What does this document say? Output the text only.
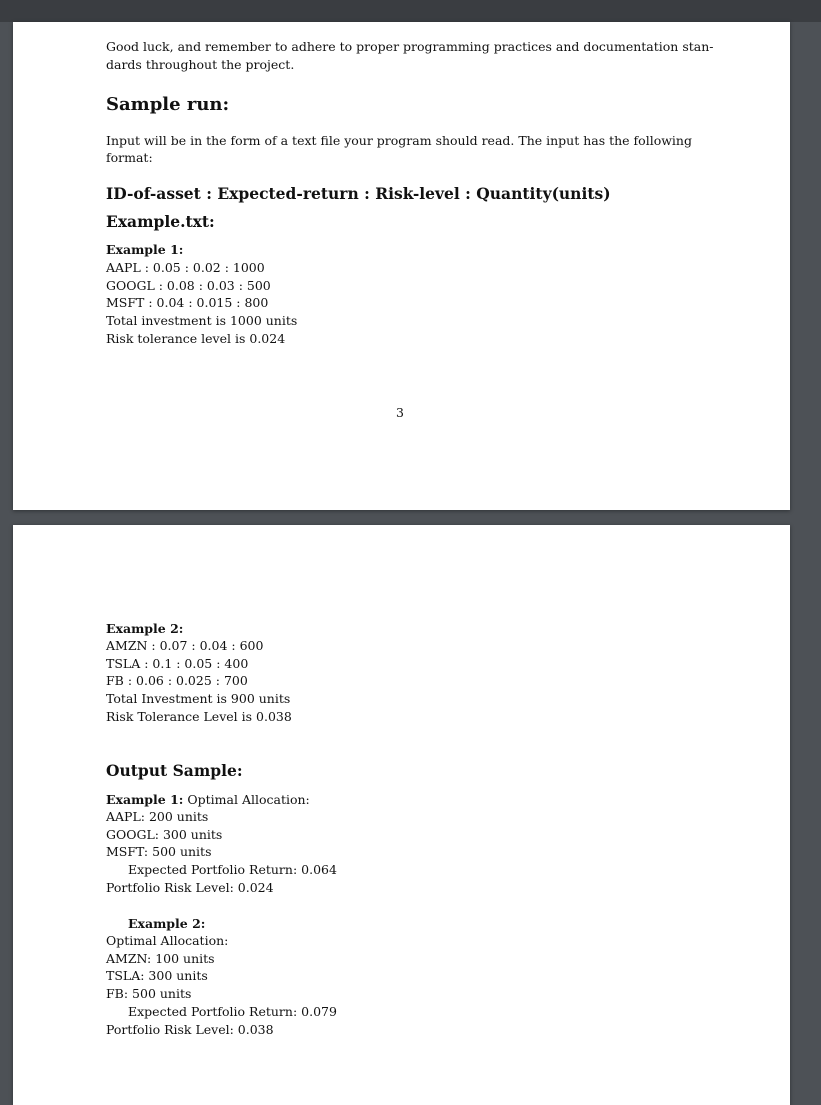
Good luck, and remember to adhere to proper programming practices and documentation stan-
dards throughout the project.
Sample run:
Input will be in the form of a text file your program should read. The input has the following
format:
ID-of-asset : Expected-return : Risk-level : Quantity(units)
Example.txt:
Example 1:
AAPL : 0.05 : 0.02 : 1000
GOOGL : 0.08 : 0.03 : 500
MSFT : 0.04 : 0.015 : 800
Total investment is 1000 units
Risk tolerance level is 0.024
3
Example 2:
AMZN : 0.07 : 0.04 : 600
TSLA : 0.1 : 0.05 : 400
FB : 0.06 : 0.025 : 700
Total Investment is 900 units
Risk Tolerance Level is 0.038
Output Sample:
Example 1: Optimal Allocation:
AAPL: 200 units
GOOGL: 300 units
MSFT: 500 units
Expected Portfolio Return: 0.064
Portfolio Risk Level: 0.024
Example 2:
Optimal Allocation:
AMZN: 100 units
TSLA: 300 units
FB: 500 units
Expected Portfolio Return: 0.079
Portfolio Risk Level: 0.038
